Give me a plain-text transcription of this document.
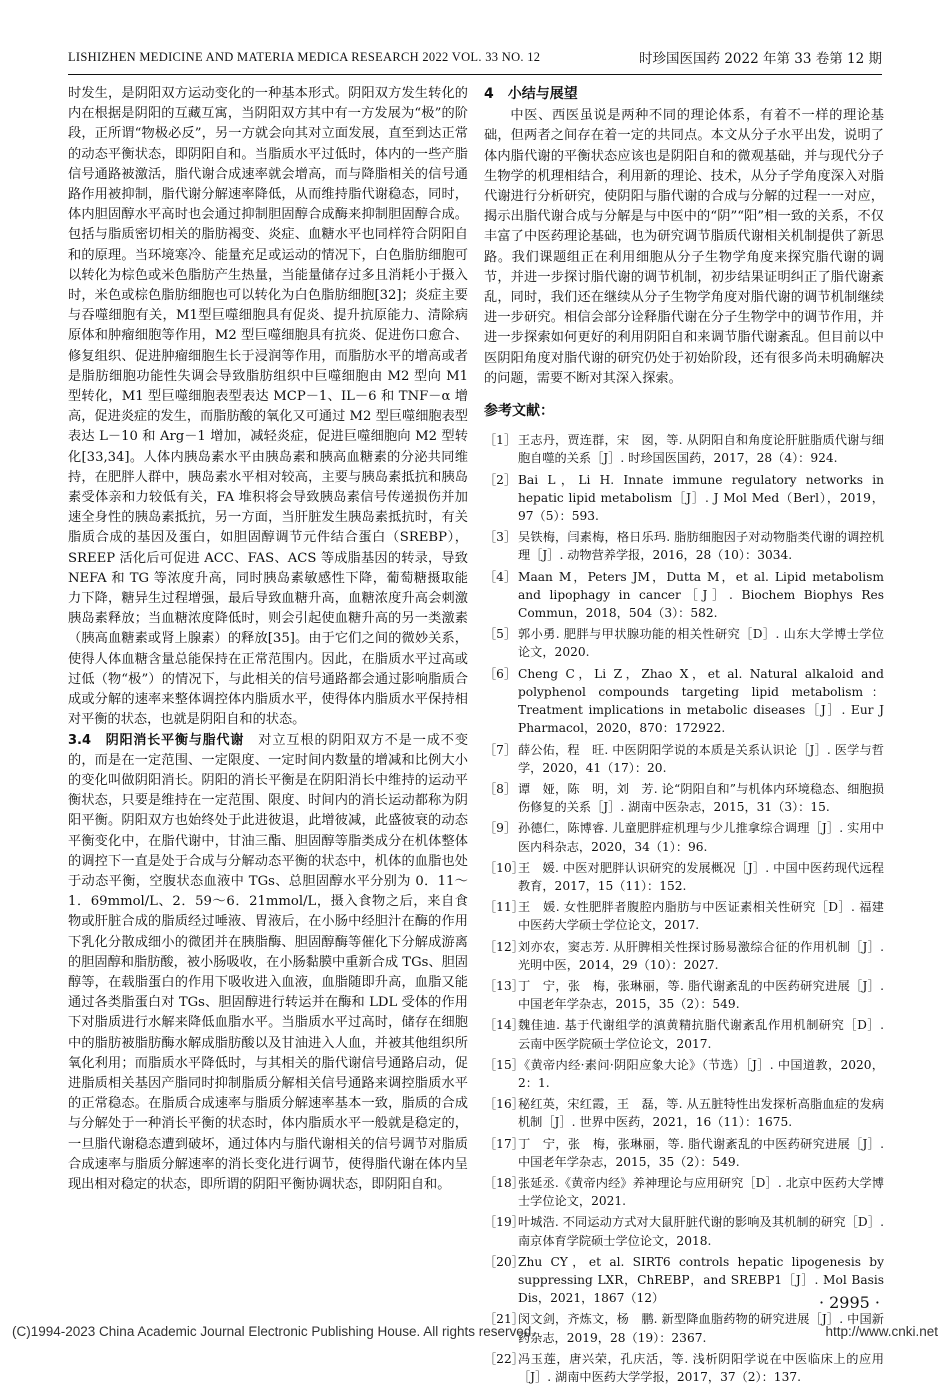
LISHIZHEN MEDICINE AND MATERIA MEDICA RESEARCH 2022 VOL. 33 NO. 12	时珍国医国药 2022 年第 33 卷第 12 期

时发生，是阴阳双方运动变化的一种基本形式。阴阳双方发生转化的内在根据是阴阳的互藏互寓，当阴阳双方其中有一方发展为“极”的阶段，正所谓“物极必反”，另一方就会向其对立面发展，直至到达正常的动态平衡状态，即阴阳自和。当脂质水平过低时，体内的一些产脂信号通路被激活，脂代谢合成速率就会增高，而与降脂相关的信号通路作用被抑制，脂代谢分解速率降低，从而维持脂代谢稳态，同时，体内胆固醇水平高时也会通过抑制胆固醇合成酶来抑制胆固醇合成。包括与脂质密切相关的脂肪褐变、炎症、血糖水平也同样符合阴阳自和的原理。当环境寒冷、能量充足或运动的情况下，白色脂肪细胞可以转化为棕色或米色脂肪产生热量，当能量储存过多且消耗小于摄入时，米色或棕色脂肪细胞也可以转化为白色脂肪细胞[32]；炎症主要与吞噬细胞有关，M1型巨噬细胞具有促炎、提升抗原能力、清除病原体和肿瘤细胞等作用，M2 型巨噬细胞具有抗炎、促进伤口愈合、修复组织、促进肿瘤细胞生长于浸润等作用，而脂肪水平的增高或者是脂肪细胞功能性失调会导致脂肪组织中巨噬细胞由 M2 型向 M1 型转化，M1 型巨噬细胞表型表达 MCP－1、IL－6 和 TNF－α 增高，促进炎症的发生，而脂肪酸的氧化又可通过 M2 型巨噬细胞表型表达 L－10 和 Arg－1 增加，减轻炎症，促进巨噬细胞向 M2 型转化[33,34]。人体内胰岛素水平由胰岛素和胰高血糖素的分泌共同维持，在肥胖人群中，胰岛素水平相对较高，主要与胰岛素抵抗和胰岛素受体亲和力较低有关，FA 堆积将会导致胰岛素信号传递损伤并加速全身性的胰岛素抵抗，另一方面，当肝脏发生胰岛素抵抗时，有关脂质合成的基因及蛋白，如胆固醇调节元件结合蛋白（SREBP），SREEP 活化后可促进 ACC、FAS、ACS 等成脂基因的转录，导致 NEFA 和 TG 等浓度升高，同时胰岛素敏感性下降，葡萄糖摄取能力下降，糖异生过程增强，最后导致血糖升高，血糖浓度升高会刺激胰岛素释放；当血糖浓度降低时，则会引起使血糖升高的另一类激素（胰高血糖素或肾上腺素）的释放[35]。由于它们之间的微妙关系，使得人体血糖含量总能保持在正常范围内。因此，在脂质水平过高或过低（物“极”）的情况下，与此相关的信号通路都会通过影响脂质合成或分解的速率来整体调控体内脂质水平，使得体内脂质水平保持相对平衡的状态，也就是阴阳自和的状态。

3.4　阴阳消长平衡与脂代谢　 对立互根的阴阳双方不是一成不变的，而是在一定范围、一定限度、一定时间内数量的增减和比例大小的变化叫做阴阳消长。阴阳的消长平衡是在阴阳消长中维持的运动平衡状态，只要是维持在一定范围、限度、时间内的消长运动都称为阴阳平衡。阴阳双方也始终处于此进彼退，此增彼减，此盛彼衰的动态平衡变化中，在脂代谢中，甘油三酯、胆固醇等脂类成分在机体整体的调控下一直是处于合成与分解动态平衡的状态中，机体的血脂也处于动态平衡，空腹状态血液中 TGs、总胆固醇水平分别为 0．11～1．69mmol/L、2．59～6．21mmol/L，摄入食物之后，来自食物或肝脏合成的脂质经过唾液、胃液后，在小肠中经胆汁在酶的作用下乳化分散成细小的微团并在胰脂酶、胆固醇酶等催化下分解成游离的胆固醇和脂肪酸，被小肠吸收，在小肠黏膜中重新合成 TGs、胆固醇等，在载脂蛋白的作用下吸收进入血液，血脂随即升高，血脂又能通过各类脂蛋白对 TGs、胆固醇进行转运并在酶和 LDL 受体的作用下对脂质进行水解来降低血脂水平。当脂质水平过高时，储存在细胞中的脂肪被脂肪酶水解成脂肪酸以及甘油进入人血，并被其他组织所氧化利用；而脂质水平降低时，与其相关的脂代谢信号通路启动，促进脂质相关基因产脂同时抑制脂质分解相关信号通路来调控脂质水平的正常稳态。在脂质合成速率与脂质分解速率基本一致，脂质的合成与分解处于一种消长平衡的状态时，体内脂质水平一般就是稳定的，一旦脂代谢稳态遭到破坏，通过体内与脂代谢相关的信号调节对脂质合成速率与脂质分解速率的消长变化进行调节，使得脂代谢在体内呈现出相对稳定的状态，即所谓的阴阳平衡协调状态，即阴阳自和。

4　小结与展望

中医、西医虽说是两种不同的理论体系，有着不一样的理论基础，但两者之间存在着一定的共同点。本文从分子水平出发，说明了体内脂代谢的平衡状态应该也是阴阳自和的微观基础，并与现代分子生物学的机理相结合，利用新的理论、技术，从分子学角度深入对脂代谢进行分析研究，使阴阳与脂代谢的合成与分解的过程一一对应，揭示出脂代谢合成与分解是与中医中的“阴”“阳”相一致的关系，不仅丰富了中医药理论基础，也为研究调节脂质代谢相关机制提供了新思路。我们课题组正在利用细胞从分子生物学角度来探究脂代谢的调节，并进一步探讨脂代谢的调节机制，初步结果证明纠正了脂代谢紊乱，同时，我们还在继续从分子生物学角度对脂代谢的调节机制继续进一步研究。相信会部分诠释脂代谢在分子生物学中的调节作用，并进一步探索如何更好的利用阴阳自和来调节脂代谢紊乱。但目前以中医阴阳角度对脂代谢的研究仍处于初始阶段，还有很多尚未明确解决的问题，需要不断对其深入探索。

参考文献：
［1］ 王志丹，贾连群，宋　囡，等. 从阴阳自和角度论肝脏脂质代谢与细胞自噬的关系［J］. 时珍国医国药，2017，28（4）：924.
［2］ Bai L，Li H. Innate immune regulatory networks in hepatic lipid metabolism［J］. J Mol Med（Berl），2019，97（5）：593.
［3］ 吴铁梅，闫素梅，格日乐玛. 脂肪细胞因子对动物脂类代谢的调控机理［J］. 动物营养学报，2016，28（10）：3034.
［4］ Maan M，Peters JM，Dutta M，et al. Lipid metabolism and lipophagy in cancer［J］. Biochem Biophys Res Commun，2018，504（3）：582.
［5］ 郭小勇. 肥胖与甲状腺功能的相关性研究［D］. 山东大学博士学位论文，2020.
［6］ Cheng C，Li Z，Zhao X，et al. Natural alkaloid and polyphenol compounds targeting lipid metabolism：Treatment implications in metabolic diseases［J］. Eur J Pharmacol，2020，870：172922.
［7］ 薛公佑，程　旺. 中医阴阳学说的本质是关系认识论［J］. 医学与哲学，2020，41（17）：20.
［8］ 谭　娅，陈　明，刘　芳. 论“阴阳自和”与机体内环境稳态、细胞损伤修复的关系［J］. 湖南中医杂志，2015，31（3）：15.
［9］ 孙德仁，陈博睿. 儿童肥胖症机理与少儿推拿综合调理［J］. 实用中医内科杂志，2020，34（1）：96.
［10］
王　媛. 中医对肥胖认识研究的发展概况［J］. 中国中医药现代远程教育，2017，15（11）：152.
［11］
王　媛. 女性肥胖者腹腔内脂肪与中医证素相关性研究［D］. 福建中医药大学硕士学位论文，2017.
［12］
刘亦农，窦志芳. 从肝脾相关性探讨肠易激综合征的作用机制［J］. 光明中医，2014，29（10）：2027.
［13］
丁　宁，张　梅，张琳丽，等. 脂代谢紊乱的中医药研究进展［J］. 中国老年学杂志，2015，35（2）：549.
［14］
魏佳迪. 基于代谢组学的滇黄精抗脂代谢紊乱作用机制研究［D］. 云南中医学院硕士学位论文，2017.
［15］
《黄帝内经·素问·阴阳应象大论》（节选）［J］. 中国道教，2020，2：1.
［16］
秘红英，宋红霞，王　磊，等. 从五脏特性出发探析高脂血症的发病机制［J］. 世界中医药，2021，16（11）：1675.
［17］
丁　宁，张　梅，张琳丽，等. 脂代谢紊乱的中医药研究进展［J］. 中国老年学杂志，2015，35（2）：549.
［18］
张延丞.《黄帝内经》养神理论与应用研究［D］. 北京中医药大学博士学位论文，2021.
［19］
叶城浩. 不同运动方式对大鼠肝脏代谢的影响及其机制的研究［D］. 南京体育学院硕士学位论文，2018.
［20］
Zhu CY，et al. SIRT6 controls hepatic lipogenesis by suppressing LXR，ChREBP，and SREBP1［J］. Mol Basis Dis，2021，1867（12）
［21］
闵文剑，齐炼文，杨　鹏. 新型降血脂药物的研究进展［J］. 中国新药杂志，2019，28（19）：2367.
［22］
冯玉莲，唐兴荣，孔庆活，等. 浅析阴阳学说在中医临床上的应用［J］. 湖南中医药大学学报，2017，37（2）：137.
· 2995 ·
(C)1994-2023 China Academic Journal Electronic Publishing House. All rights reserved.	http://www.cnki.net
